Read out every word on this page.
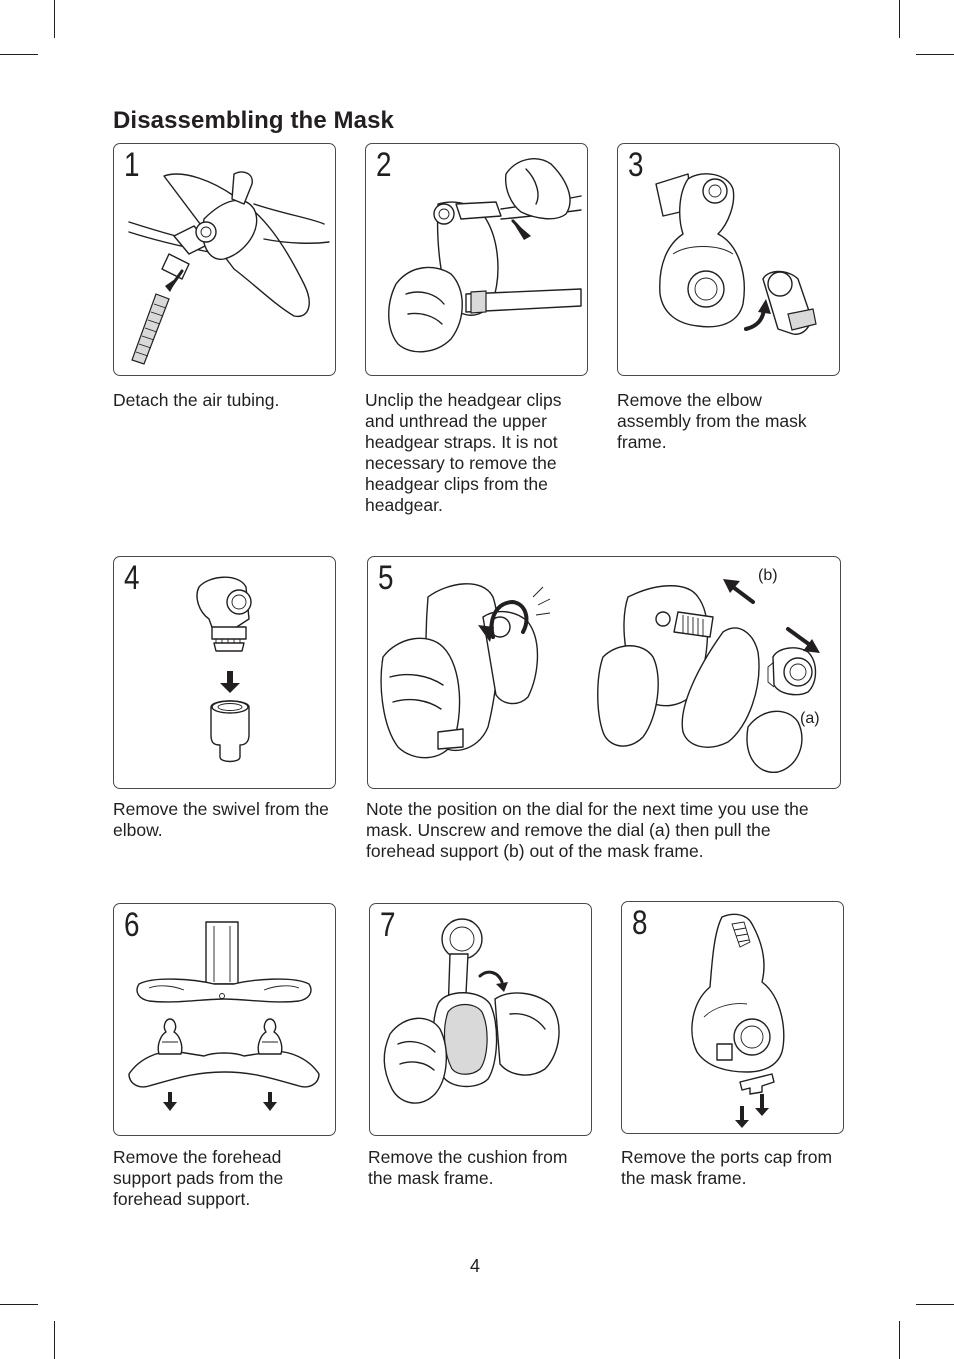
Disassembling the Mask
1

Detach the air tubing.

2

Unclip the headgear clips and unthread the upper headgear straps. It is not necessary to remove the headgear clips from the headgear.

3

Remove the elbow assembly from the mask frame.

4

Remove the swivel from the elbow.

5	(b)
(a)

Note the position on the dial for the next time you use the mask. Unscrew and remove the dial (a) then pull the forehead support (b) out of the mask frame.

6

Remove the forehead support pads from the forehead support.

7

Remove the cushion from the mask frame.

8

Remove the ports cap from the mask frame.

4
